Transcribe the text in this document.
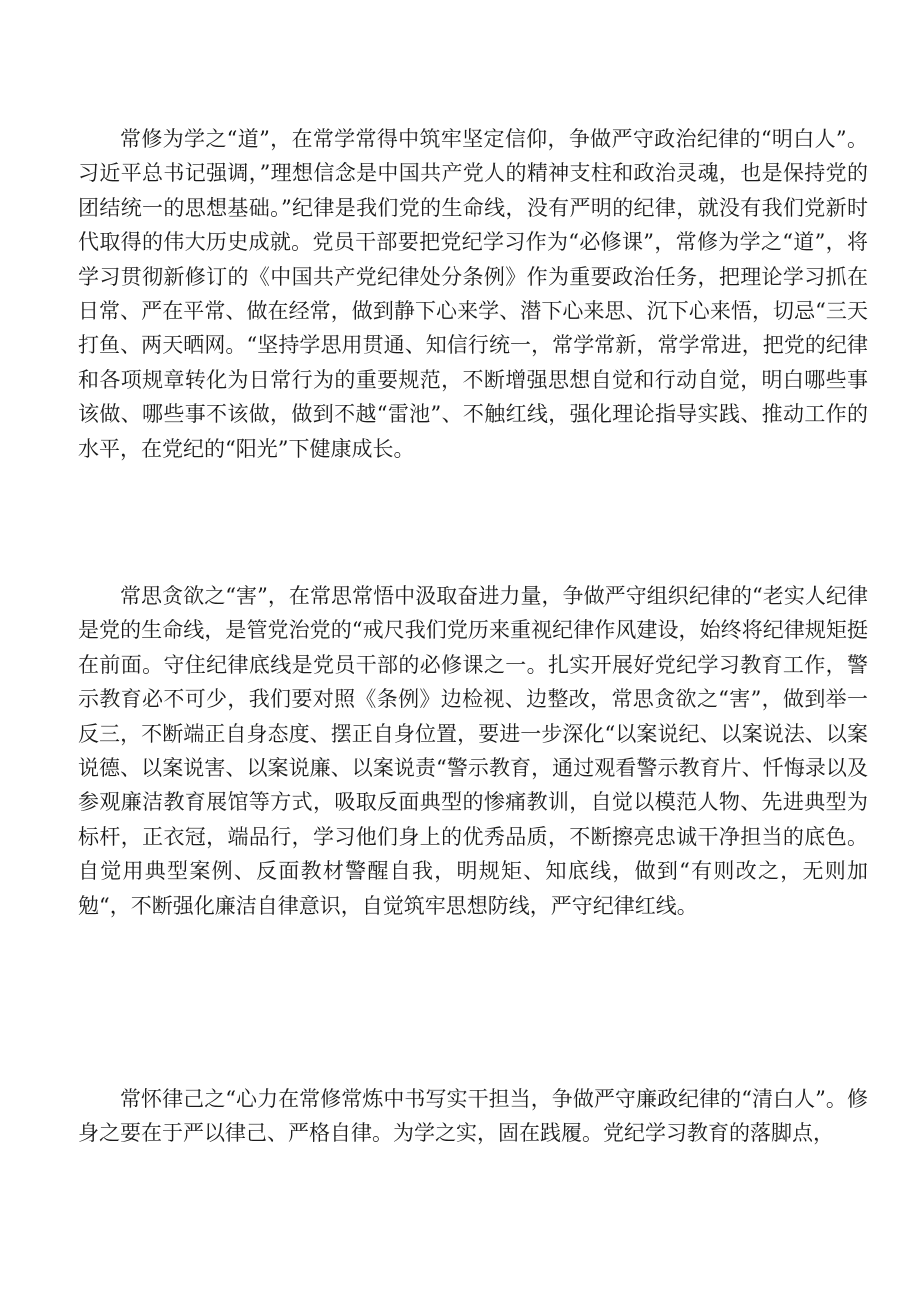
常修为学之“道”，在常学常得中筑牢坚定信仰，争做严守政治纪律的“明白人”。习近平总书记强调，”理想信念是中国共产党人的精神支柱和政治灵魂，也是保持党的团结统一的思想基础。”纪律是我们党的生命线，没有严明的纪律，就没有我们党新时代取得的伟大历史成就。党员干部要把党纪学习作为“必修课”，常修为学之“道”，将学习贯彻新修订的《中国共产党纪律处分条例》作为重要政治任务，把理论学习抓在日常、严在平常、做在经常，做到静下心来学、潜下心来思、沉下心来悟，切忌“三天打鱼、两天晒网。“坚持学思用贯通、知信行统一，常学常新，常学常进，把党的纪律和各项规章转化为日常行为的重要规范，不断增强思想自觉和行动自觉，明白哪些事该做、哪些事不该做，做到不越“雷池”、不触红线，强化理论指导实践、推动工作的水平，在党纪的“阳光”下健康成长。

常思贪欲之“害”，在常思常悟中汲取奋进力量，争做严守组织纪律的“老实人纪律是党的生命线，是管党治党的“戒尺我们党历来重视纪律作风建设，始终将纪律规矩挺在前面。守住纪律底线是党员干部的必修课之一。扎实开展好党纪学习教育工作，警示教育必不可少，我们要对照《条例》边检视、边整改，常思贪欲之“害”，做到举一反三，不断端正自身态度、摆正自身位置，要进一步深化“以案说纪、以案说法、以案说德、以案说害、以案说廉、以案说责“警示教育，通过观看警示教育片、忏悔录以及参观廉洁教育展馆等方式，吸取反面典型的惨痛教训，自觉以模范人物、先进典型为标杆，正衣冠，端品行，学习他们身上的优秀品质，不断擦亮忠诚干净担当的底色。自觉用典型案例、反面教材警醒自我，明规矩、知底线，做到“有则改之，无则加勉“，不断强化廉洁自律意识，自觉筑牢思想防线，严守纪律红线。

常怀律己之“心力在常修常炼中书写实干担当，争做严守廉政纪律的“清白人”。修身之要在于严以律己、严格自律。为学之实，固在践履。党纪学习教育的落脚点，
